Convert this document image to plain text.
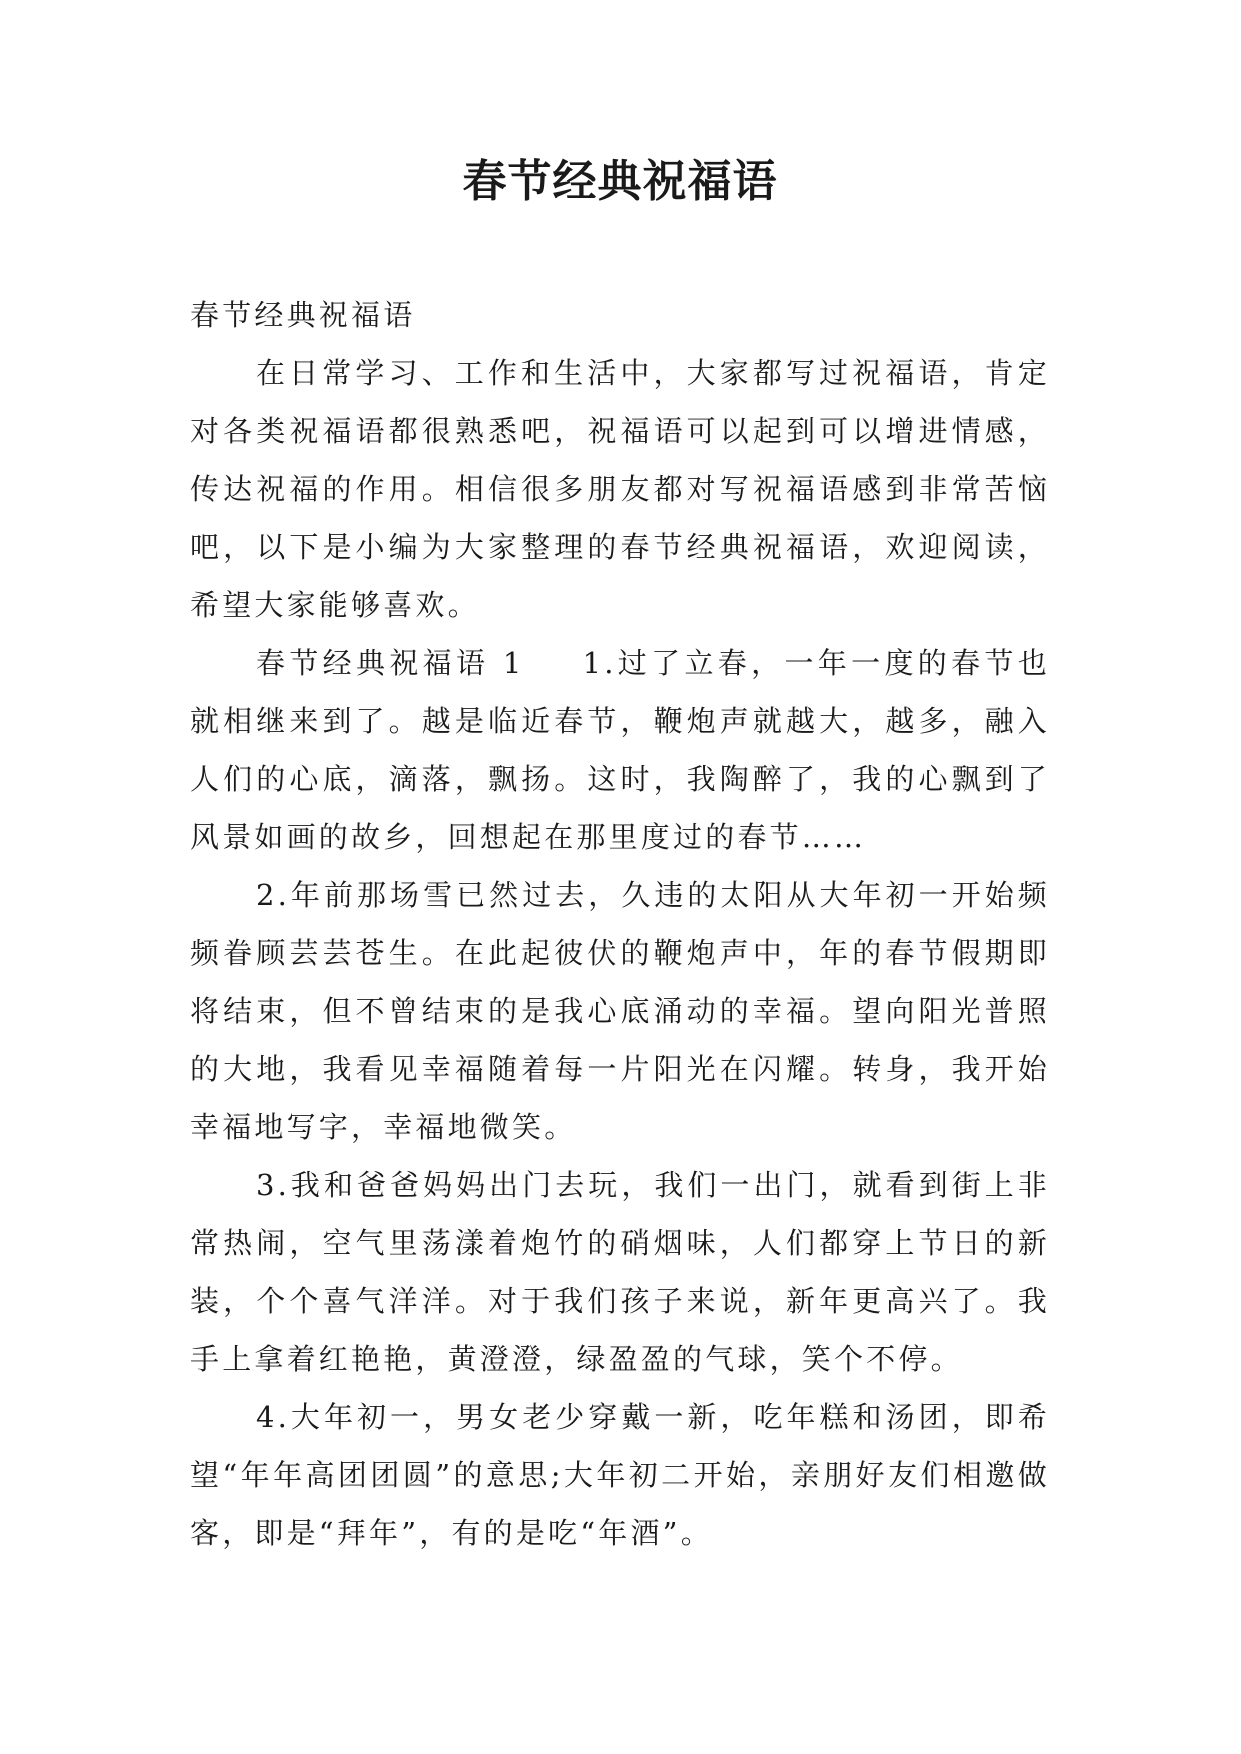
春节经典祝福语

春节经典祝福语

在日常学习、工作和生活中，大家都写过祝福语，肯定对各类祝福语都很熟悉吧，祝福语可以起到可以增进情感，传达祝福的作用。相信很多朋友都对写祝福语感到非常苦恼吧，以下是小编为大家整理的春节经典祝福语，欢迎阅读，希望大家能够喜欢。

春节经典祝福语 1 1.过了立春，一年一度的春节也就相继来到了。越是临近春节，鞭炮声就越大，越多，融入人们的心底，滴落，飘扬。这时，我陶醉了，我的心飘到了风景如画的故乡，回想起在那里度过的春节……

2.年前那场雪已然过去，久违的太阳从大年初一开始频频眷顾芸芸苍生。在此起彼伏的鞭炮声中，年的春节假期即将结束，但不曾结束的是我心底涌动的幸福。望向阳光普照的大地，我看见幸福随着每一片阳光在闪耀。转身，我开始幸福地写字，幸福地微笑。

3.我和爸爸妈妈出门去玩，我们一出门，就看到街上非常热闹，空气里荡漾着炮竹的硝烟味，人们都穿上节日的新装，个个喜气洋洋。对于我们孩子来说，新年更高兴了。我手上拿着红艳艳，黄澄澄，绿盈盈的气球，笑个不停。

4.大年初一，男女老少穿戴一新，吃年糕和汤团，即希望“年年高团团圆”的意思;大年初二开始，亲朋好友们相邀做客，即是“拜年”，有的是吃“年酒”。
